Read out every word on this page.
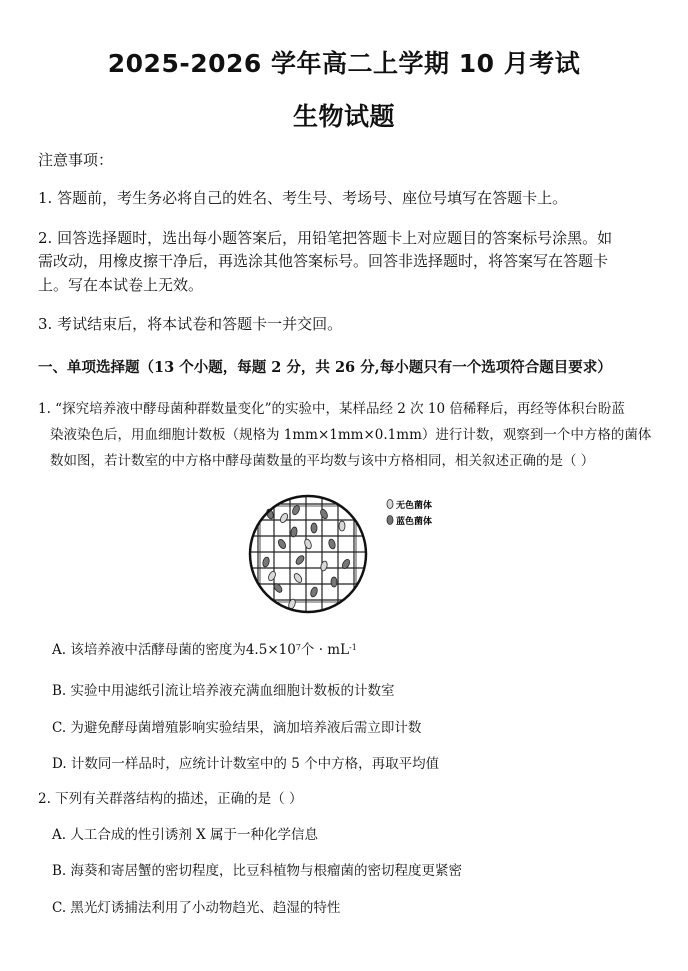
2025-2026 学年高二上学期 10 月考试
生物试题
注意事项：
1. 答题前，考生务必将自己的姓名、考生号、考场号、座位号填写在答题卡上。
2. 回答选择题时，选出每小题答案后，用铅笔把答题卡上对应题目的答案标号涂黑。如
需改动，用橡皮擦干净后，再选涂其他答案标号。回答非选择题时，将答案写在答题卡
上。写在本试卷上无效。
3. 考试结束后，将本试卷和答题卡一并交回。
一、单项选择题（13 个小题，每题 2 分，共 26 分,每小题只有一个选项符合题目要求）
1. “探究培养液中酵母菌种群数量变化”的实验中，某样品经 2 次 10 倍稀释后，再经等体积台盼蓝
染液染色后，用血细胞计数板（规格为 1mm×1mm×0.1mm）进行计数，观察到一个中方格的菌体
数如图，若计数室的中方格中酵母菌数量的平均数与该中方格相同，相关叙述正确的是（ ）
无色菌体
蓝色菌体
A. 该培养液中活酵母菌的密度为$4.5\times 10^7$个 · $mL^{-1}$
B. 实验中用滤纸引流让培养液充满血细胞计数板的计数室
C. 为避免酵母菌增殖影响实验结果，滴加培养液后需立即计数
D. 计数同一样品时，应统计计数室中的 5 个中方格，再取平均值
2. 下列有关群落结构的描述，正确的是（ ）
A. 人工合成的性引诱剂 X 属于一种化学信息
B. 海葵和寄居蟹的密切程度，比豆科植物与根瘤菌的密切程度更紧密
C. 黑光灯诱捕法利用了小动物趋光、趋湿的特性
